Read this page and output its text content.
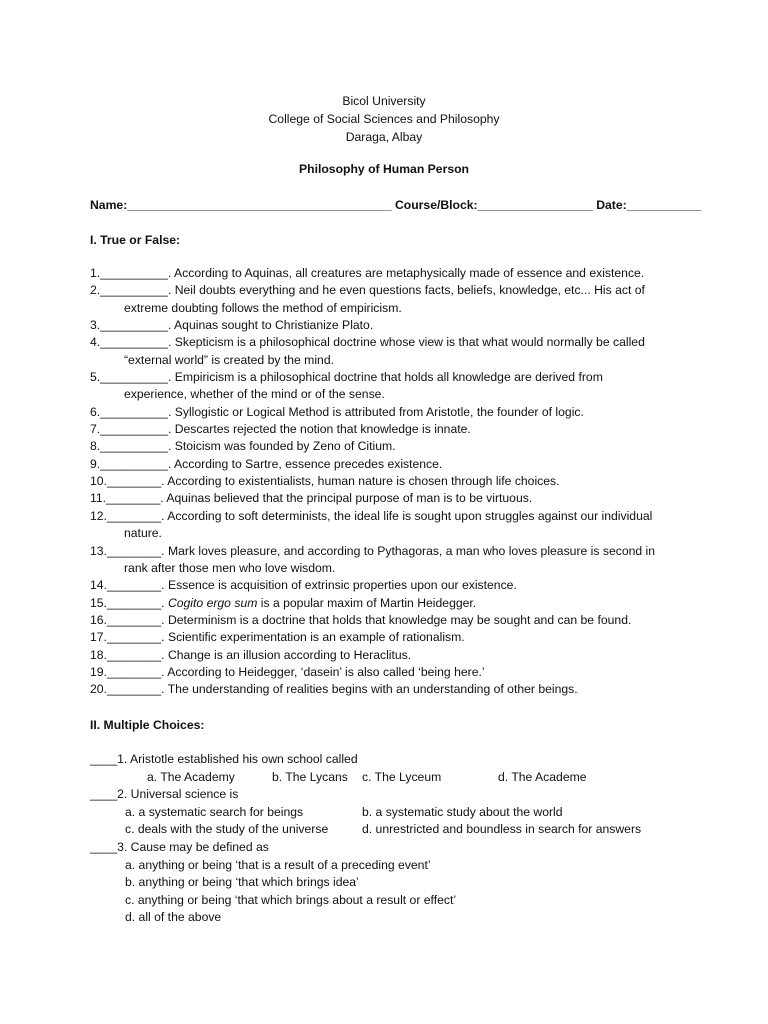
Bicol University
College of Social Sciences and Philosophy
Daraga, Albay
Philosophy of Human Person
Name:_______________________________________ Course/Block:_________________ Date:___________
I. True or False:
1.__________. According to Aquinas, all creatures are metaphysically made of essence and existence.
2.__________. Neil doubts everything and he even questions facts, beliefs, knowledge, etc... His act of
extreme doubting follows the method of empiricism.
3.__________. Aquinas sought to Christianize Plato.
4.__________. Skepticism is a philosophical doctrine whose view is that what would normally be called
“external world” is created by the mind.
5.__________. Empiricism is a philosophical doctrine that holds all knowledge are derived from
experience, whether of the mind or of the sense.
6.__________. Syllogistic or Logical Method is attributed from Aristotle, the founder of logic.
7.__________. Descartes rejected the notion that knowledge is innate.
8.__________. Stoicism was founded by Zeno of Citium.
9.__________. According to Sartre, essence precedes existence.
10.________. According to existentialists, human nature is chosen through life choices.
11.________. Aquinas believed that the principal purpose of man is to be virtuous.
12.________. According to soft determinists, the ideal life is sought upon struggles against our individual
nature.
13.________. Mark loves pleasure, and according to Pythagoras, a man who loves pleasure is second in
rank after those men who love wisdom.
14.________. Essence is acquisition of extrinsic properties upon our existence.
15.________. Cogito ergo sum is a popular maxim of Martin Heidegger.
16.________. Determinism is a doctrine that holds that knowledge may be sought and can be found.
17.________. Scientific experimentation is an example of rationalism.
18.________. Change is an illusion according to Heraclitus.
19.________. According to Heidegger, ‘dasein’ is also called ‘being here.’
20.________. The understanding of realities begins with an understanding of other beings.
II. Multiple Choices:
____1. Aristotle established his own school called
a. The Academy	b. The Lycans c. The Lyceum	d. The Academe
____2. Universal science is
a. a systematic search for beings	b. a systematic study about the world
c. deals with the study of the universe	d. unrestricted and boundless in search for answers
____3. Cause may be defined as
a. anything or being ‘that is a result of a preceding event’
b. anything or being ‘that which brings idea’
c. anything or being ‘that which brings about a result or effect’
d. all of the above
